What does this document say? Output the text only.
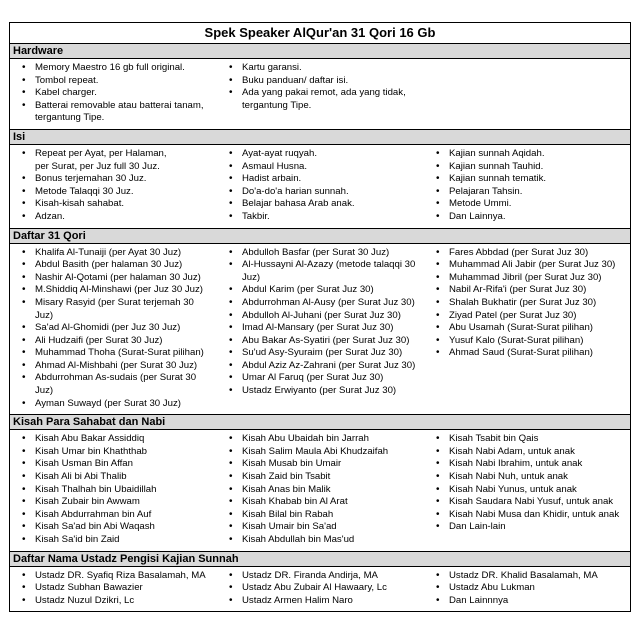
Spek Speaker AlQur'an 31 Qori 16 Gb
Hardware
• Memory Maestro 16 gb full original.
• Tombol repeat.
• Kabel charger.
• Batterai removable atau batterai tanam,
tergantung Tipe.
• Kartu garansi.
• Buku panduan/ daftar isi.
• Ada yang pakai remot, ada yang tidak,
tergantung Tipe.
Isi
• Repeat per Ayat, per Halaman,
per Surat, per Juz full 30 Juz.
• Bonus terjemahan 30 Juz.
• Metode Talaqqi 30 Juz.
• Kisah-kisah sahabat.
• Adzan.
• Ayat-ayat ruqyah.
• Asmaul Husna.
• Hadist arbain.
• Do'a-do'a harian sunnah.
• Belajar bahasa Arab anak.
• Takbir.
• Kajian sunnah Aqidah.
• Kajian sunnah Tauhid.
• Kajian sunnah tematik.
• Pelajaran Tahsin.
• Metode Ummi.
• Dan Lainnya.
Daftar 31 Qori
• Khalifa Al-Tunaiji (per Ayat 30 Juz)
• Abdul Basith (per halaman 30 Juz)
• Nashir Al-Qotami (per halaman 30 Juz)
• M.Shiddiq Al-Minshawi (per Juz 30 Juz)
• Misary Rasyid (per Surat terjemah 30 Juz)
• Sa'ad Al-Ghomidi (per Juz 30 Juz)
• Ali Hudzaifi (per Surat 30 Juz)
• Muhammad Thoha (Surat-Surat pilihan)
• Ahmad Al-Mishbahi (per Surat 30 Juz)
• Abdurrohman As-sudais (per Surat 30 Juz)
• Ayman Suwayd (per Surat 30 Juz)
• Abdulloh Basfar (per Surat 30 Juz)
• Al-Hussayni Al-Azazy (metode talaqqi 30 Juz)
• Abdul Karim (per Surat Juz 30)
• Abdurrohman Al-Ausy (per Surat Juz 30)
• Abdulloh Al-Juhani (per Surat Juz 30)
• Imad Al-Mansary (per Surat Juz 30)
• Abu Bakar As-Syatiri (per Surat Juz 30)
• Su'ud Asy-Syuraim (per Surat Juz 30)
• Abdul Aziz Az-Zahrani (per Surat Juz 30)
• Umar Al Faruq (per Surat Juz 30)
• Ustadz Erwiyanto (per Surat Juz 30)
• Fares Abbdad (per Surat Juz 30)
• Muhammad Ali Jabir (per Surat Juz 30)
• Muhammad Jibril (per Surat Juz 30)
• Nabil Ar-Rifa'i (per Surat Juz 30)
• Shalah Bukhatir (per Surat Juz 30)
• Ziyad Patel (per Surat Juz 30)
• Abu Usamah (Surat-Surat pilihan)
• Yusuf Kalo (Surat-Surat pilihan)
• Ahmad Saud (Surat-Surat pilihan)
Kisah Para Sahabat dan Nabi
• Kisah Abu Bakar Assiddiq
• Kisah Umar bin Khaththab
• Kisah Usman Bin Affan
• Kisah Ali bi Abi Thalib
• Kisah Thalhah bin Ubaidillah
• Kisah Zubair bin Awwam
• Kisah Abdurrahman bin Auf
• Kisah Sa'ad bin Abi Waqash
• Kisah Sa'id bin Zaid
• Kisah Abu Ubaidah bin Jarrah
• Kisah Salim Maula Abi Khudzaifah
• Kisah Musab bin Umair
• Kisah Zaid bin Tsabit
• Kisah Anas bin Malik
• Kisah Khabab bin Al Arat
• Kisah Bilal bin Rabah
• Kisah Umair bin Sa'ad
• Kisah Abdullah bin Mas'ud
• Kisah Tsabit bin Qais
• Kisah Nabi Adam, untuk anak
• Kisah Nabi Ibrahim, untuk anak
• Kisah Nabi Nuh, untuk anak
• Kisah Nabi Yunus, untuk anak
• Kisah Saudara Nabi Yusuf, untuk anak
• Kisah Nabi Musa dan Khidir, untuk anak
• Dan Lain-lain
Daftar Nama Ustadz Pengisi Kajian Sunnah
• Ustadz DR. Syafiq Riza Basalamah, MA
• Ustadz Subhan Bawazier
• Ustadz Nuzul Dzikri, Lc
• Ustadz DR. Firanda Andirja, MA
• Ustadz Abu Zubair Al Hawaary, Lc
• Ustadz Armen Halim Naro
• Ustadz DR. Khalid Basalamah, MA
• Ustadz Abu Lukman
• Dan Lainnnya
